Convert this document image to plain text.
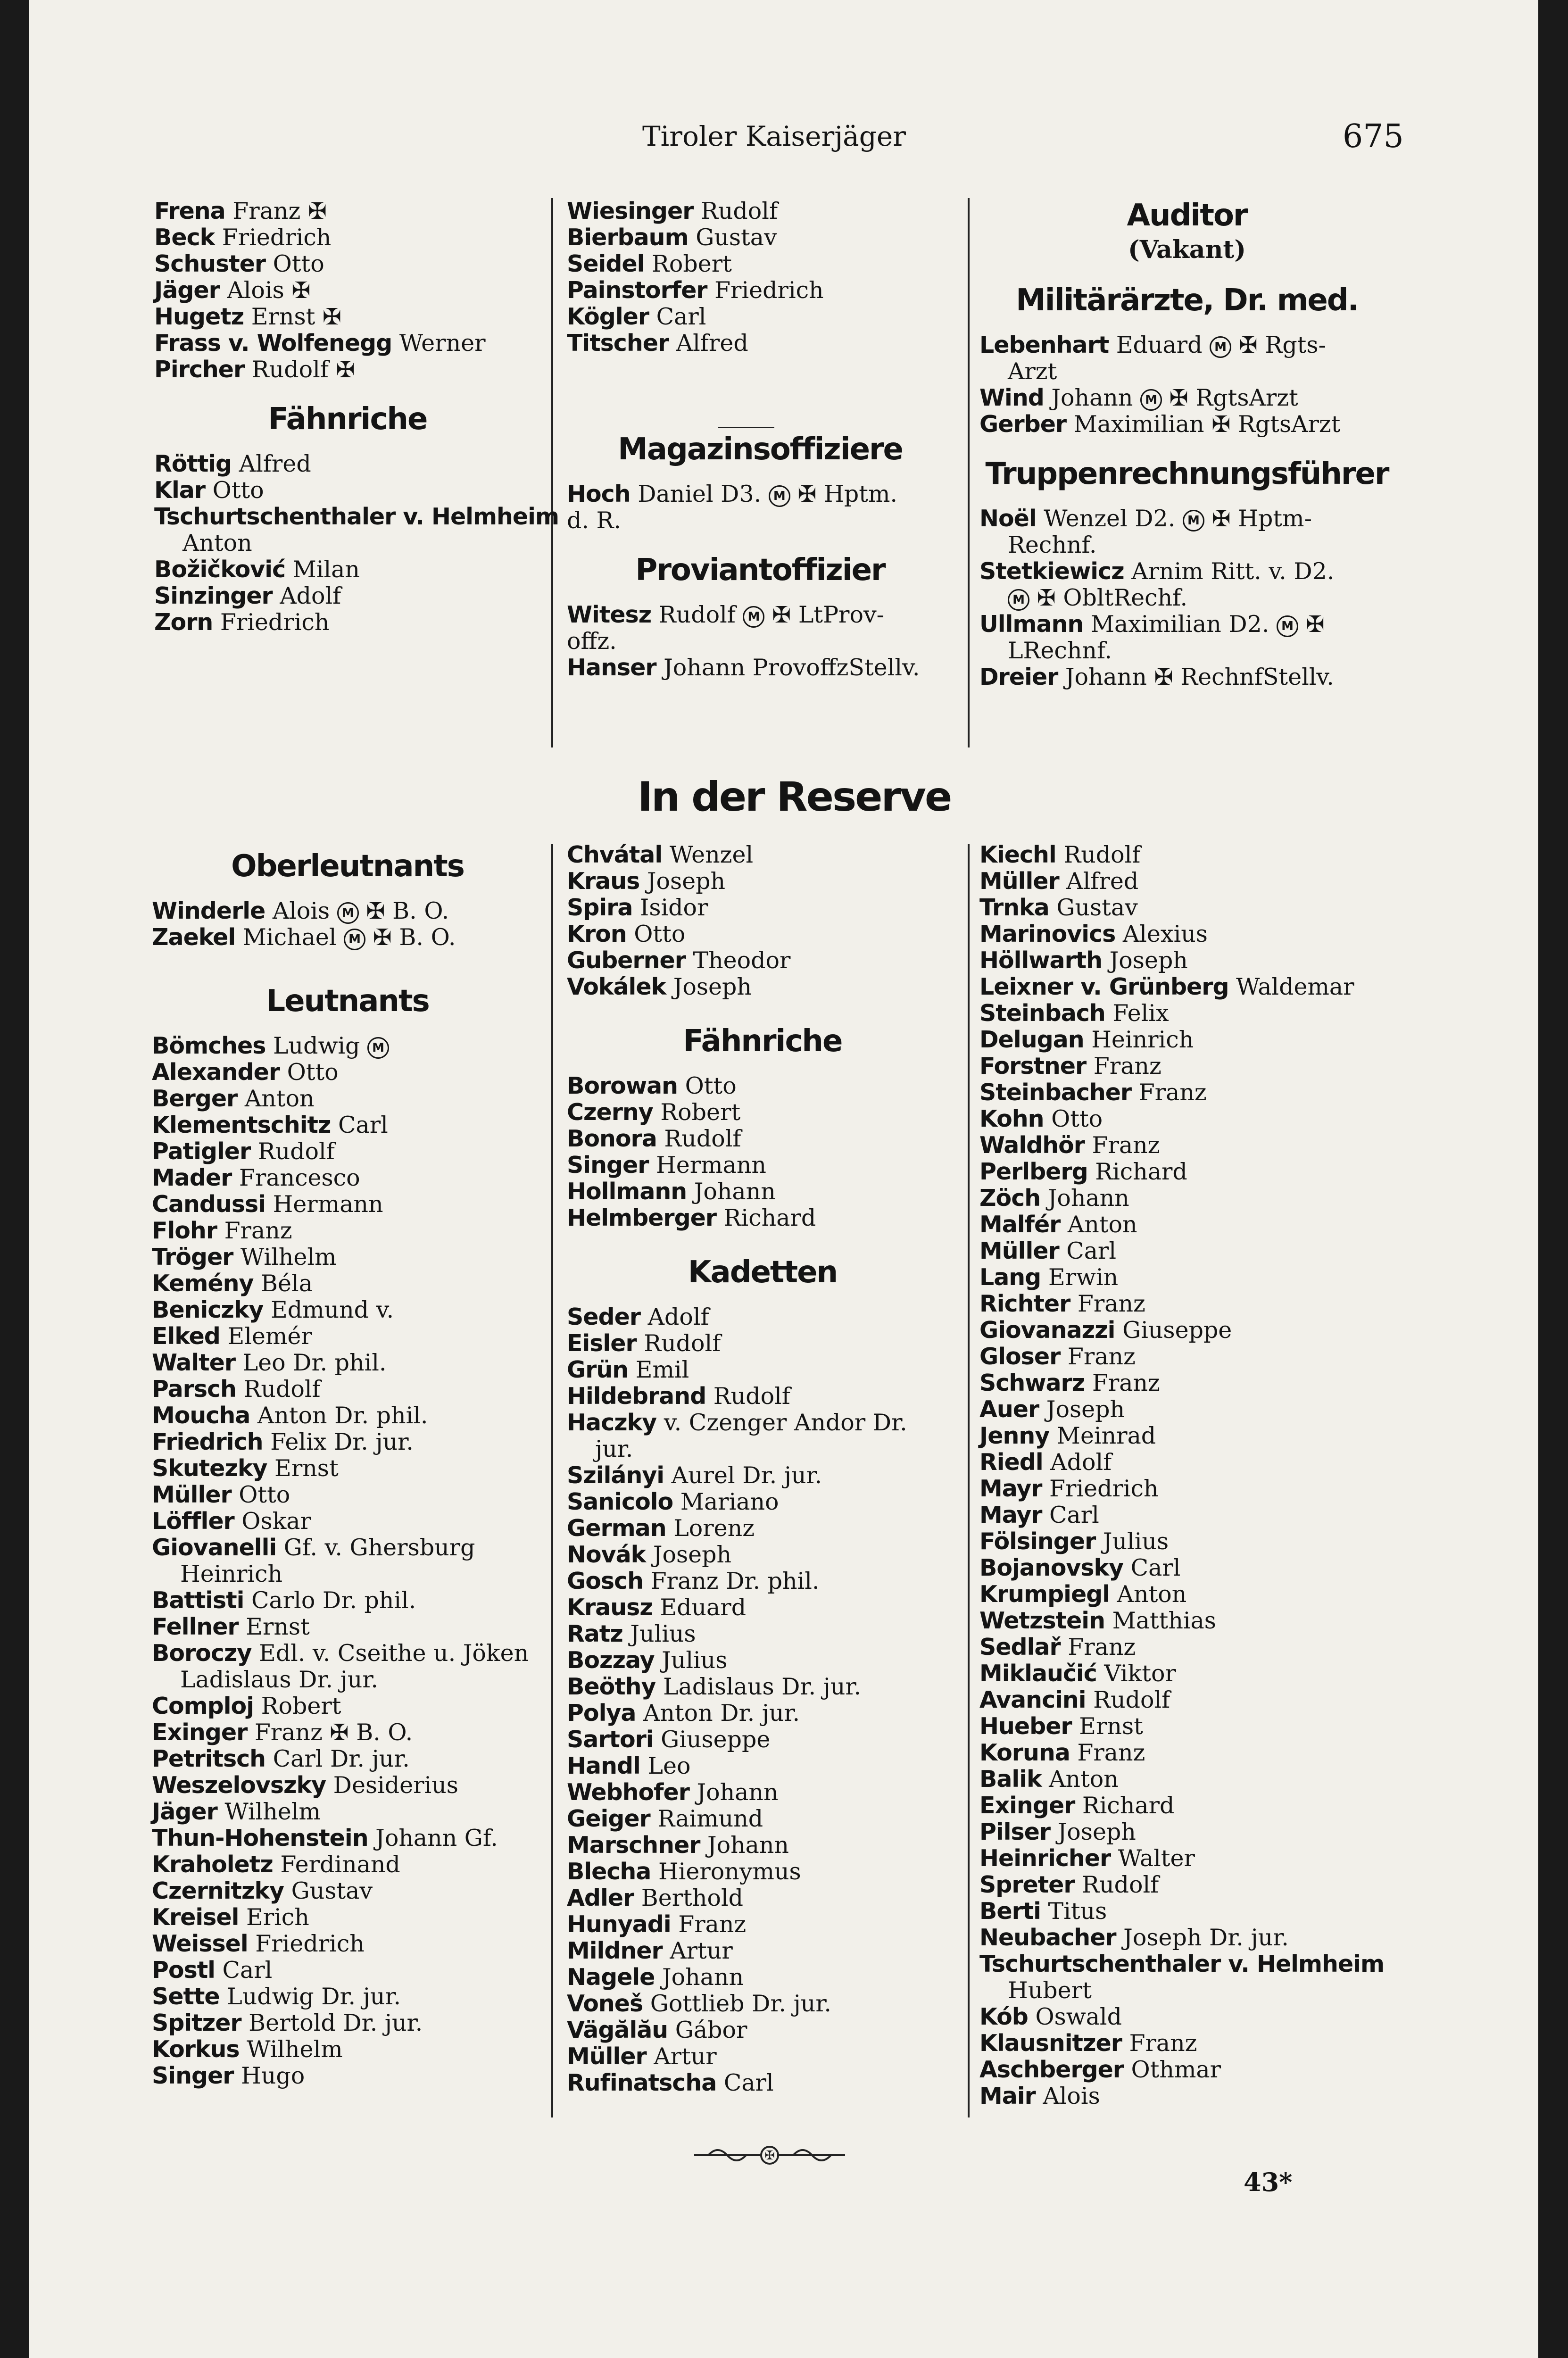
Tiroler Kaiserjäger	675
Frena Franz ✠
Beck Friedrich
Schuster Otto
Jäger Alois ✠
Hugetz Ernst ✠
Frass v. Wolfenegg Werner
Pircher Rudolf ✠
Fähnriche
Röttig Alfred
Klar Otto
Tschurtschenthaler v. Helmheim
Anton
Božičković Milan
Sinzinger Adolf
Zorn Friedrich
Wiesinger Rudolf
Bierbaum Gustav
Seidel Robert
Painstorfer Friedrich
Kögler Carl
Titscher Alfred
Magazinsoffiziere
Hoch Daniel D3. M ✠ Hptm.
d. R.
Proviantoffizier
Witesz Rudolf M ✠ LtProv-
offz.
Hanser Johann ProvoffzStellv.
Auditor
(Vakant)
Militärärzte, Dr. med.
Lebenhart Eduard M ✠ Rgts-
Arzt
Wind Johann M ✠ RgtsArzt
Gerber Maximilian ✠ RgtsArzt
Truppenrechnungsführer
Noël Wenzel D2. M ✠ Hptm-
Rechnf.
Stetkiewicz Arnim Ritt. v. D2.
M ✠ ObltRechf.
Ullmann Maximilian D2. M ✠
LRechnf.
Dreier Johann ✠ RechnfStellv.
In der Reserve
Oberleutnants
Winderle Alois M ✠ B. O.
Zaekel Michael M ✠ B. O.
Leutnants
Bömches Ludwig M
Alexander Otto
Berger Anton
Klementschitz Carl
Patigler Rudolf
Mader Francesco
Candussi Hermann
Flohr Franz
Tröger Wilhelm
Kemény Béla
Beniczky Edmund v.
Elked Elemér
Walter Leo Dr. phil.
Parsch Rudolf
Moucha Anton Dr. phil.
Friedrich Felix Dr. jur.
Skutezky Ernst
Müller Otto
Löffler Oskar
Giovanelli Gf. v. Ghersburg
Heinrich
Battisti Carlo Dr. phil.
Fellner Ernst
Boroczy Edl. v. Cseithe u. Jöken
Ladislaus Dr. jur.
Comploj Robert
Exinger Franz ✠ B. O.
Petritsch Carl Dr. jur.
Weszelovszky Desiderius
Jäger Wilhelm
Thun-Hohenstein Johann Gf.
Kraholetz Ferdinand
Czernitzky Gustav
Kreisel Erich
Weissel Friedrich
Postl Carl
Sette Ludwig Dr. jur.
Spitzer Bertold Dr. jur.
Korkus Wilhelm
Singer Hugo
Chvátal Wenzel
Kraus Joseph
Spira Isidor
Kron Otto
Guberner Theodor
Vokálek Joseph
Fähnriche
Borowan Otto
Czerny Robert
Bonora Rudolf
Singer Hermann
Hollmann Johann
Helmberger Richard
Kadetten
Seder Adolf
Eisler Rudolf
Grün Emil
Hildebrand Rudolf
Haczky v. Czenger Andor Dr.
jur.
Szilányi Aurel Dr. jur.
Sanicolo Mariano
German Lorenz
Novák Joseph
Gosch Franz Dr. phil.
Krausz Eduard
Ratz Julius
Bozzay Julius
Beöthy Ladislaus Dr. jur.
Polya Anton Dr. jur.
Sartori Giuseppe
Handl Leo
Webhofer Johann
Geiger Raimund
Marschner Johann
Blecha Hieronymus
Adler Berthold
Hunyadi Franz
Mildner Artur
Nagele Johann
Voneš Gottlieb Dr. jur.
Vägălău Gábor
Müller Artur
Rufinatscha Carl
Kiechl Rudolf
Müller Alfred
Trnka Gustav
Marinovics Alexius
Höllwarth Joseph
Leixner v. Grünberg Waldemar
Steinbach Felix
Delugan Heinrich
Forstner Franz
Steinbacher Franz
Kohn Otto
Waldhör Franz
Perlberg Richard
Zöch Johann
Malfér Anton
Müller Carl
Lang Erwin
Richter Franz
Giovanazzi Giuseppe
Gloser Franz
Schwarz Franz
Auer Joseph
Jenny Meinrad
Riedl Adolf
Mayr Friedrich
Mayr Carl
Fölsinger Julius
Bojanovsky Carl
Krumpiegl Anton
Wetzstein Matthias
Sedlař Franz
Miklaučić Viktor
Avancini Rudolf
Hueber Ernst
Koruna Franz
Balik Anton
Exinger Richard
Pilser Joseph
Heinricher Walter
Spreter Rudolf
Berti Titus
Neubacher Joseph Dr. jur.
Tschurtschenthaler v. Helmheim
Hubert
Kób Oswald
Klausnitzer Franz
Aschberger Othmar
Mair Alois
✠
43*
